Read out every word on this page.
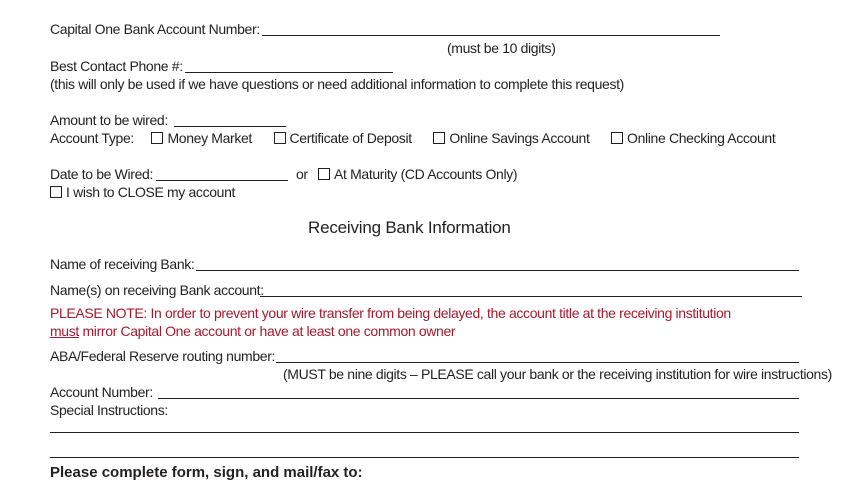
Capital One Bank Account Number:
(must be 10 digits)
Best Contact Phone #:
(this will only be used if we have questions or need additional information to complete this request)
Amount to be wired:
Account Type: Money Market	Certificate of Deposit	Online Savings Account	Online Checking Account
Date to be Wired:	or	At Maturity (CD Accounts Only)
I wish to CLOSE my account
Receiving Bank Information
Name of receiving Bank:
Name(s) on receiving Bank account:
PLEASE NOTE: In order to prevent your wire transfer from being delayed, the account title at the receiving institution
must mirror Capital One account or have at least one common owner
ABA/Federal Reserve routing number:
(MUST be nine digits – PLEASE call your bank or the receiving institution for wire instructions)
Account Number:
Special Instructions:
Please complete form, sign, and mail/fax to:
